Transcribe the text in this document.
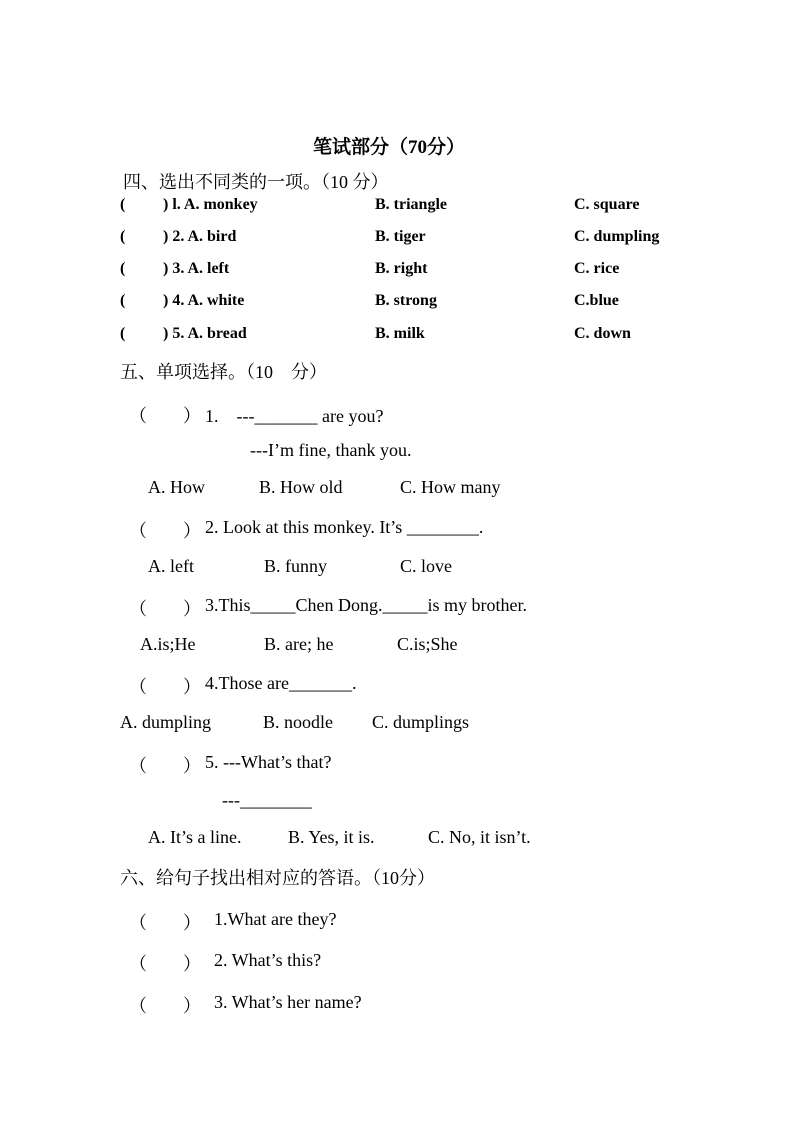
笔试部分（70分）
四、选出不同类的一项。（10 分）
( ) l. A. monkey	B. triangle	C. square
( ) 2. A. bird	B. tiger	C. dumpling
( ) 3. A. left	B. right	C. rice
( ) 4. A. white	B. strong	C.blue
( ) 5. A. bread	B. milk	C. down
五、单项选择。（10　分）
（　　） 1.　---_______ are you?
---I’m fine, thank you.
A. How	B. How old	C. How many
（　　） 2. Look at this monkey. It’s ________.
A. left	B. funny	C. love
（　　） 3.This_____Chen Dong._____is my brother.
A.is;He	B. are; he	C.is;She
（　　） 4.Those are_______.
A. dumpling	B. noodle C. dumplings
（　　） 5. ---What’s that?
---________
A. It’s a line.	B. Yes, it is.	C. No, it isn’t.
六、给句子找出相对应的答语。（10分）
（　　） 1.What are they?
（　　） 2. What’s this?
（　　） 3. What’s her name?
